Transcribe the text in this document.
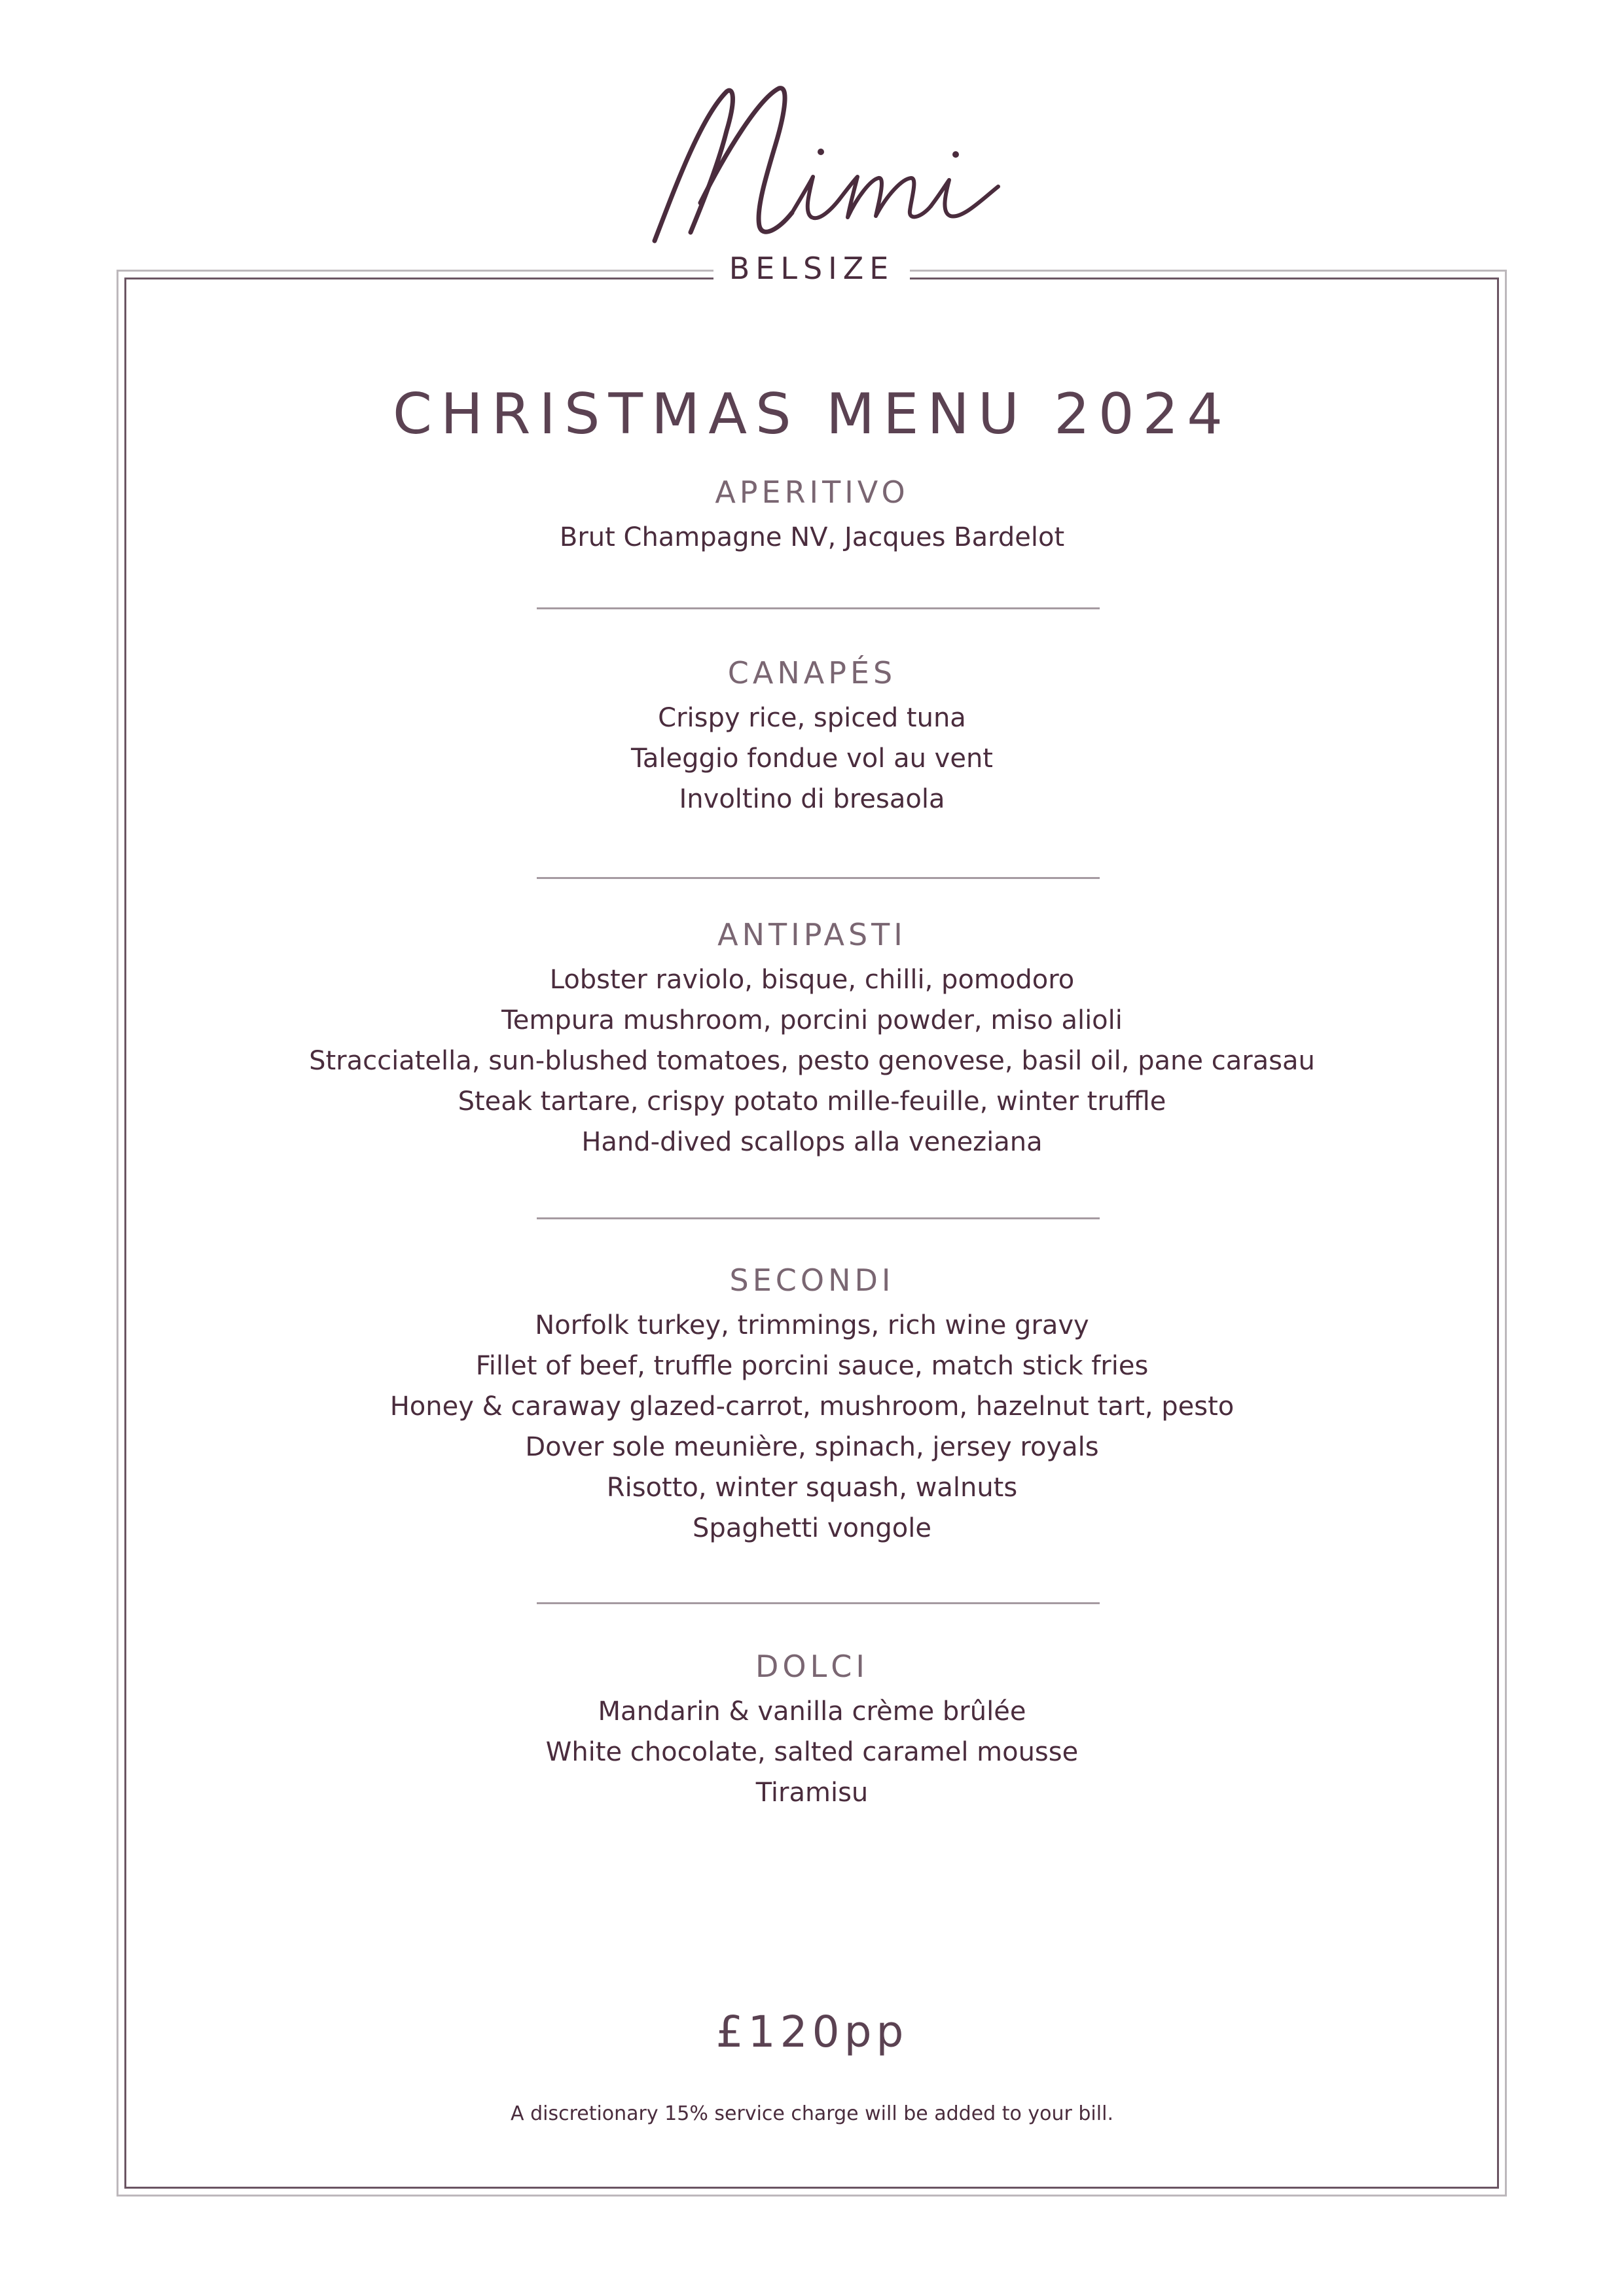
BELSIZE
CHRISTMAS MENU 2024
APERITIVO

Brut Champagne NV, Jacques Bardelot

CANAPÉS

Crispy rice, spiced tuna

Taleggio fondue vol au vent

Involtino di bresaola

ANTIPASTI

Lobster raviolo, bisque, chilli, pomodoro

Tempura mushroom, porcini powder, miso alioli

Stracciatella, sun-blushed tomatoes, pesto genovese, basil oil, pane carasau

Steak tartare, crispy potato mille-feuille, winter truffle

Hand-dived scallops alla veneziana

SECONDI

Norfolk turkey, trimmings, rich wine gravy

Fillet of beef, truffle porcini sauce, match stick fries

Honey & caraway glazed-carrot, mushroom, hazelnut tart, pesto

Dover sole meunière, spinach, jersey royals

Risotto, winter squash, walnuts

Spaghetti vongole

DOLCI

Mandarin & vanilla crème brûlée

White chocolate, salted caramel mousse

Tiramisu

£120pp
A discretionary 15% service charge will be added to your bill.
